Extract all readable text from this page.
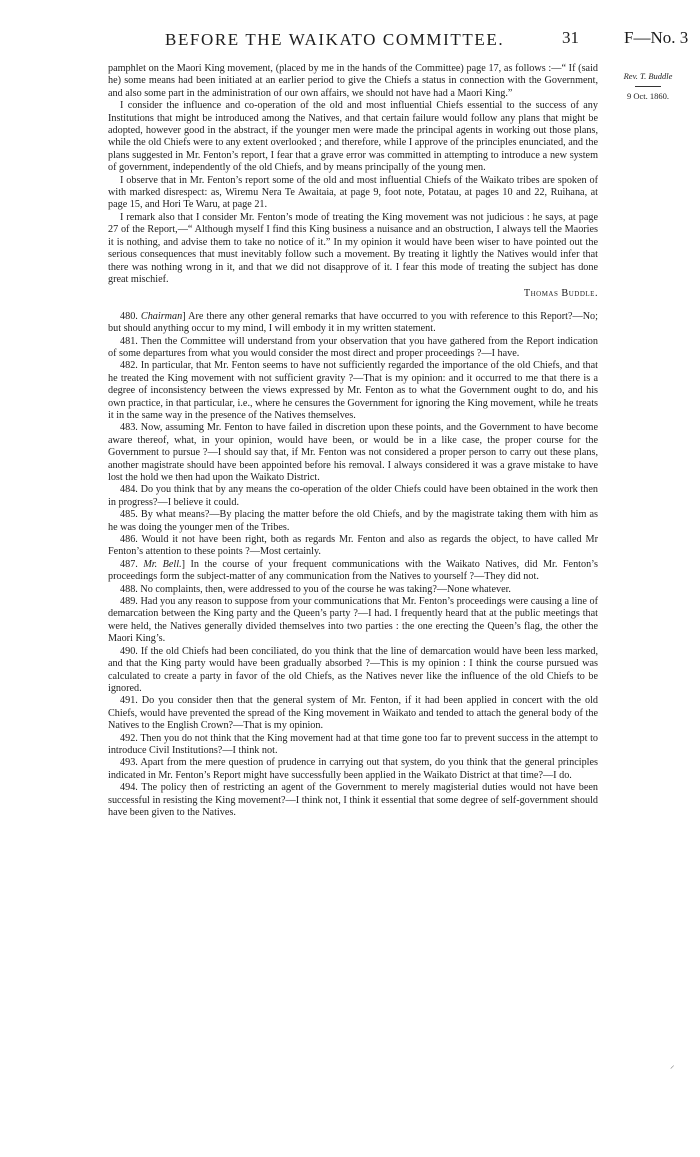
BEFORE THE WAIKATO COMMITTEE.	31	F—No. 3
Rev. T. Buddle
9 Oct. 1860.

pamphlet on the Maori King movement, (placed by me in the hands of the Committee) page 17, as follows :—“ If (said he) some means had been initiated at an earlier period to give the Chiefs a status in connection with the Government, and also some part in the administration of our own affairs, we should not have had a Maori King.”

I consider the influence and co-operation of the old and most influential Chiefs essential to the success of any Institutions that might be introduced among the Natives, and that certain failure would follow any plans that might be adopted, however good in the abstract, if the younger men were made the principal agents in working out those plans, while the old Chiefs were to any extent overlooked ; and therefore, while I approve of the principles enunciated, and the plans suggested in Mr. Fenton’s report, I fear that a grave error was committed in attempting to introduce a new system of government, independently of the old Chiefs, and by means principally of the young men.

I observe that in Mr. Fenton’s report some of the old and most influential Chiefs of the Waikato tribes are spoken of with marked disrespect: as, Wiremu Nera Te Awaitaia, at page 9, foot note, Potatau, at pages 10 and 22, Ruihana, at page 15, and Hori Te Waru, at page 21.

I remark also that I consider Mr. Fenton’s mode of treating the King movement was not judicious : he says, at page 27 of the Report,—“ Although myself I find this King business a nuisance and an obstruction, I always tell the Maories it is nothing, and advise them to take no notice of it.” In my opinion it would have been wiser to have pointed out the serious consequences that must inevitably follow such a movement. By treating it lightly the Natives would infer that there was nothing wrong in it, and that we did not disapprove of it. I fear this mode of treating the subject has done great mischief.

Thomas Buddle.

480. Chairman] Are there any other general remarks that have occurred to you with reference to this Report?—No; but should anything occur to my mind, I will embody it in my written statement.

481. Then the Committee will understand from your observation that you have gathered from the Report indication of some departures from what you would consider the most direct and proper proceedings ?—I have.

482. In particular, that Mr. Fenton seems to have not sufficiently regarded the importance of the old Chiefs, and that he treated the King movement with not sufficient gravity ?—That is my opinion: and it occurred to me that there is a degree of inconsistency between the views expressed by Mr. Fenton as to what the Government ought to do, and his own practice, in that particular, i.e., where he censures the Government for ignoring the King movement, while he treats it in the same way in the presence of the Natives themselves.

483. Now, assuming Mr. Fenton to have failed in discretion upon these points, and the Government to have become aware thereof, what, in your opinion, would have been, or would be in a like case, the proper course for the Government to pursue ?—I should say that, if Mr. Fenton was not considered a proper person to carry out these plans, another magistrate should have been appointed before his removal. I always considered it was a grave mistake to have lost the hold we then had upon the Waikato District.

484. Do you think that by any means the co-operation of the older Chiefs could have been obtained in the work then in progress?—I believe it could.

485. By what means?—By placing the matter before the old Chiefs, and by the magistrate taking them with him as he was doing the younger men of the Tribes.

486. Would it not have been right, both as regards Mr. Fenton and also as regards the object, to have called Mr Fenton’s attention to these points ?—Most certainly.

487. Mr. Bell.] In the course of your frequent communications with the Waikato Natives, did Mr. Fenton’s proceedings form the subject-matter of any communication from the Natives to yourself ?—They did not.

488. No complaints, then, were addressed to you of the course he was taking?—None whatever.

489. Had you any reason to suppose from your communications that Mr. Fenton’s proceedings were causing a line of demarcation between the King party and the Queen’s party ?—I had. I frequently heard that at the public meetings that were held, the Natives generally divided themselves into two parties : the one erecting the Queen’s flag, the other the Maori King’s.

490. If the old Chiefs had been conciliated, do you think that the line of demarcation would have been less marked, and that the King party would have been gradually absorbed ?—This is my opinion : I think the course pursued was calculated to create a party in favor of the old Chiefs, as the Natives never like the influence of the old Chiefs to be ignored.

491. Do you consider then that the general system of Mr. Fenton, if it had been applied in concert with the old Chiefs, would have prevented the spread of the King movement in Waikato and tended to attach the general body of the Natives to the English Crown?—That is my opinion.

492. Then you do not think that the King movement had at that time gone too far to prevent success in the attempt to introduce Civil Institutions?—I think not.

493. Apart from the mere question of prudence in carrying out that system, do you think that the general principles indicated in Mr. Fenton’s Report might have successfully been applied in the Waikato District at that time?—I do.

494. The policy then of restricting an agent of the Government to merely magisterial duties would not have been successful in resisting the King movement?—I think not, I think it essential that some degree of self-government should have been given to the Natives.

⸝
